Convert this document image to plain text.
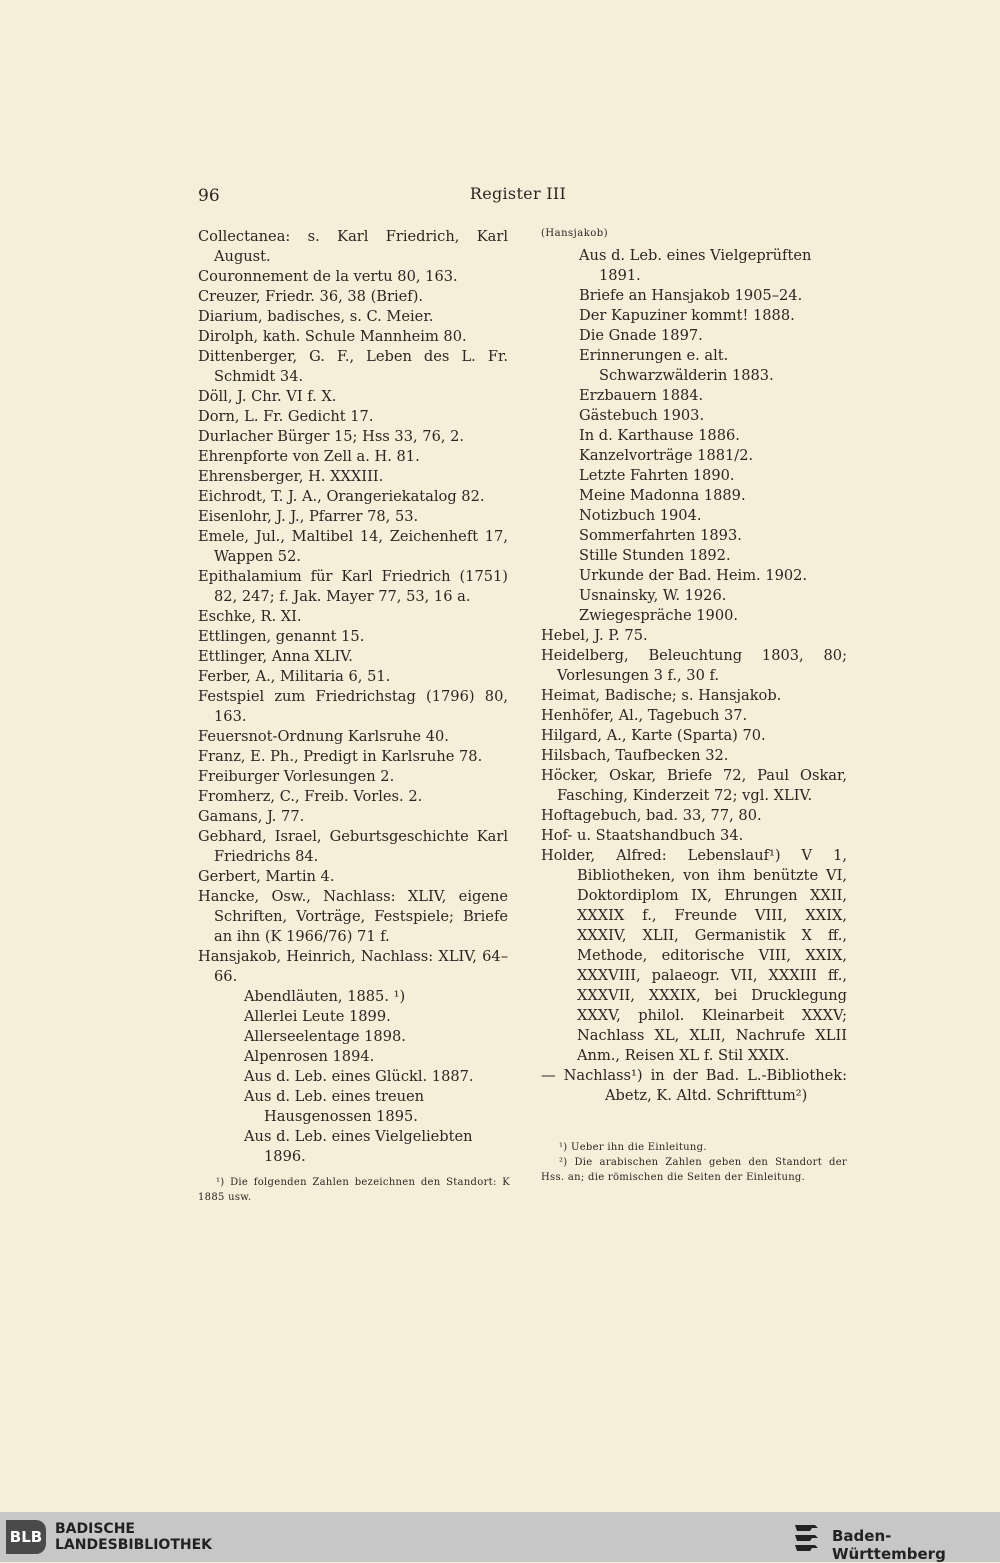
96	Register III
Collectanea: s. Karl Friedrich, Karl August.
Couronnement de la vertu 80, 163.
Creuzer, Friedr. 36, 38 (Brief).
Diarium, badisches, s. C. Meier.
Dirolph, kath. Schule Mannheim 80.
Dittenberger, G. F., Leben des L. Fr. Schmidt 34.
Döll, J. Chr. VI f. X.
Dorn, L. Fr. Gedicht 17.
Durlacher Bürger 15; Hss 33, 76, 2.
Ehrenpforte von Zell a. H. 81.
Ehrensberger, H. XXXIII.
Eichrodt, T. J. A., Orangeriekatalog 82.
Eisenlohr, J. J., Pfarrer 78, 53.
Emele, Jul., Maltibel 14, Zeichenheft 17, Wappen 52.
Epithalamium für Karl Friedrich (1751) 82, 247; f. Jak. Mayer 77, 53, 16 a.
Eschke, R. XI.
Ettlingen, genannt 15.
Ettlinger, Anna XLIV.
Ferber, A., Militaria 6, 51.
Festspiel zum Friedrichstag (1796) 80, 163.
Feuersnot-Ordnung Karlsruhe 40.
Franz, E. Ph., Predigt in Karlsruhe 78.
Freiburger Vorlesungen 2.
Fromherz, C., Freib. Vorles. 2.
Gamans, J. 77.
Gebhard, Israel, Geburtsgeschichte Karl Friedrichs 84.
Gerbert, Martin 4.
Hancke, Osw., Nachlass: XLIV, eigene Schriften, Vorträge, Festspiele; Briefe an ihn (K 1966/76) 71 f.
Hansjakob, Heinrich, Nachlass: XLIV, 64–66.
Abendläuten, 1885. ¹)
Allerlei Leute 1899.
Allerseelentage 1898.
Alpenrosen 1894.
Aus d. Leb. eines Glückl. 1887.
Aus d. Leb. eines treuen Hausgenossen 1895.
Aus d. Leb. eines Vielgeliebten 1896.

¹) Die folgenden Zahlen bezeichnen den Standort: K 1885 usw.

(Hansjakob)
Aus d. Leb. eines Vielgeprüften 1891.
Briefe an Hansjakob 1905–24.
Der Kapuziner kommt! 1888.
Die Gnade 1897.
Erinnerungen e. alt. Schwarzwälderin 1883.
Erzbauern 1884.
Gästebuch 1903.
In d. Karthause 1886.
Kanzelvorträge 1881/2.
Letzte Fahrten 1890.
Meine Madonna 1889.
Notizbuch 1904.
Sommerfahrten 1893.
Stille Stunden 1892.
Urkunde der Bad. Heim. 1902.
Usnainsky, W. 1926.
Zwiegespräche 1900.
Hebel, J. P. 75.
Heidelberg, Beleuchtung 1803, 80; Vorlesungen 3 f., 30 f.
Heimat, Badische; s. Hansjakob.
Henhöfer, Al., Tagebuch 37.
Hilgard, A., Karte (Sparta) 70.
Hilsbach, Taufbecken 32.
Höcker, Oskar, Briefe 72, Paul Oskar, Fasching, Kinderzeit 72; vgl. XLIV.
Hoftagebuch, bad. 33, 77, 80.
Hof- u. Staatshandbuch 34.
Holder, Alfred: Lebenslauf¹) V 1, Bibliotheken, von ihm benützte VI, Doktordiplom IX, Ehrungen XXII, XXXIX f., Freunde VIII, XXIX, XXXIV, XLII, Germanistik X ff., Methode, editorische VIII, XXIX, XXXVIII, palaeogr. VII, XXXIII ff., XXXVII, XXXIX, bei Drucklegung XXXV, philol. Kleinarbeit XXXV; Nachlass XL, XLII, Nachrufe XLII Anm., Reisen XL f. Stil XXIX.
— Nachlass¹) in der Bad. L.-Bibliothek: Abetz, K. Altd. Schrifttum²)

¹) Ueber ihn die Einleitung.

²) Die arabischen Zahlen geben den Standort der Hss. an; die römischen die Seiten der Einleitung.

BLB BADISCHE
LANDESBIBLIOTHEK	Baden-Württemberg
